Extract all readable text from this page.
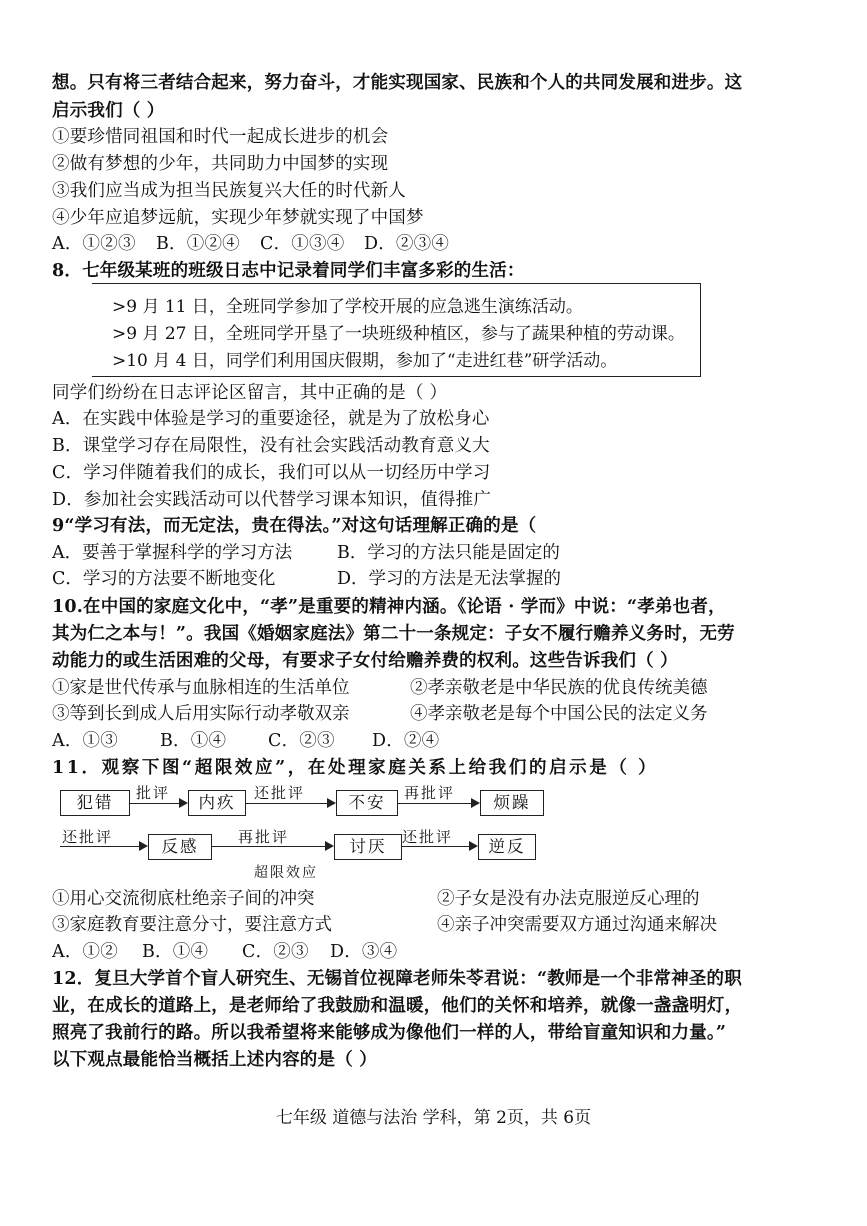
想。只有将三者结合起来，努力奋斗，才能实现国家、民族和个人的共同发展和进步。这
启示我们（ ）
①要珍惜同祖国和时代一起成长进步的机会
②做有梦想的少年，共同助力中国梦的实现
③我们应当成为担当民族复兴大任的时代新人
④少年应追梦远航，实现少年梦就实现了中国梦
A．①②③ B．①②④ C．①③④ D．②③④
8．七年级某班的班级日志中记录着同学们丰富多彩的生活：
>9 月 11 日，全班同学参加了学校开展的应急逃生演练活动。
>9 月 27 日，全班同学开垦了一块班级种植区，参与了蔬果种植的劳动课。
>10 月 4 日，同学们利用国庆假期，参加了“走进红巷”研学活动。
同学们纷纷在日志评论区留言，其中正确的是（ ）
A．在实践中体验是学习的重要途径，就是为了放松身心
B．课堂学习存在局限性，没有社会实践活动教育意义大
C．学习伴随着我们的成长，我们可以从一切经历中学习
D．参加社会实践活动可以代替学习课本知识，值得推广
9“学习有法，而无定法，贵在得法。”对这句话理解正确的是（
A．要善于掌握科学的学习方法	B．学习的方法只能是固定的
C．学习的方法要不断地变化	D．学习的方法是无法掌握的
10.在中国的家庭文化中，“孝”是重要的精神内涵。《论语 · 学而》中说：“孝弟也者，
其为仁之本与！”。我国《婚姻家庭法》第二十一条规定：子女不履行赡养义务时，无劳
动能力的或生活困难的父母，有要求子女付给赡养费的权利。这些告诉我们（ ）
①家是世代传承与血脉相连的生活单位	②孝亲敬老是中华民族的优良传统美德
③等到长到成人后用实际行动孝敬双亲	④孝亲敬老是每个中国公民的法定义务
A．①③ B．①④ C．②③ D．②④
11．观察下图“超限效应”，在处理家庭关系上给我们的启示是（ ）
犯错	批评	内疚	还批评	不安	再批评	烦躁
还批评	反感	再批评	讨厌	还批评	逆反
超限效应
①用心交流彻底杜绝亲子间的冲突	②子女是没有办法克服逆反心理的
③家庭教育要注意分寸，要注意方式	④亲子冲突需要双方通过沟通来解决
A．①② B．①④ C．②③ D．③④
12．复旦大学首个盲人研究生、无锡首位视障老师朱苓君说：“教师是一个非常神圣的职
业，在成长的道路上，是老师给了我鼓励和温暖，他们的关怀和培养，就像一盏盏明灯，
照亮了我前行的路。所以我希望将来能够成为像他们一样的人，带给盲童知识和力量。”
以下观点最能恰当概括上述内容的是（ ）
七年级 道德与法治 学科，第 2页，共 6页
